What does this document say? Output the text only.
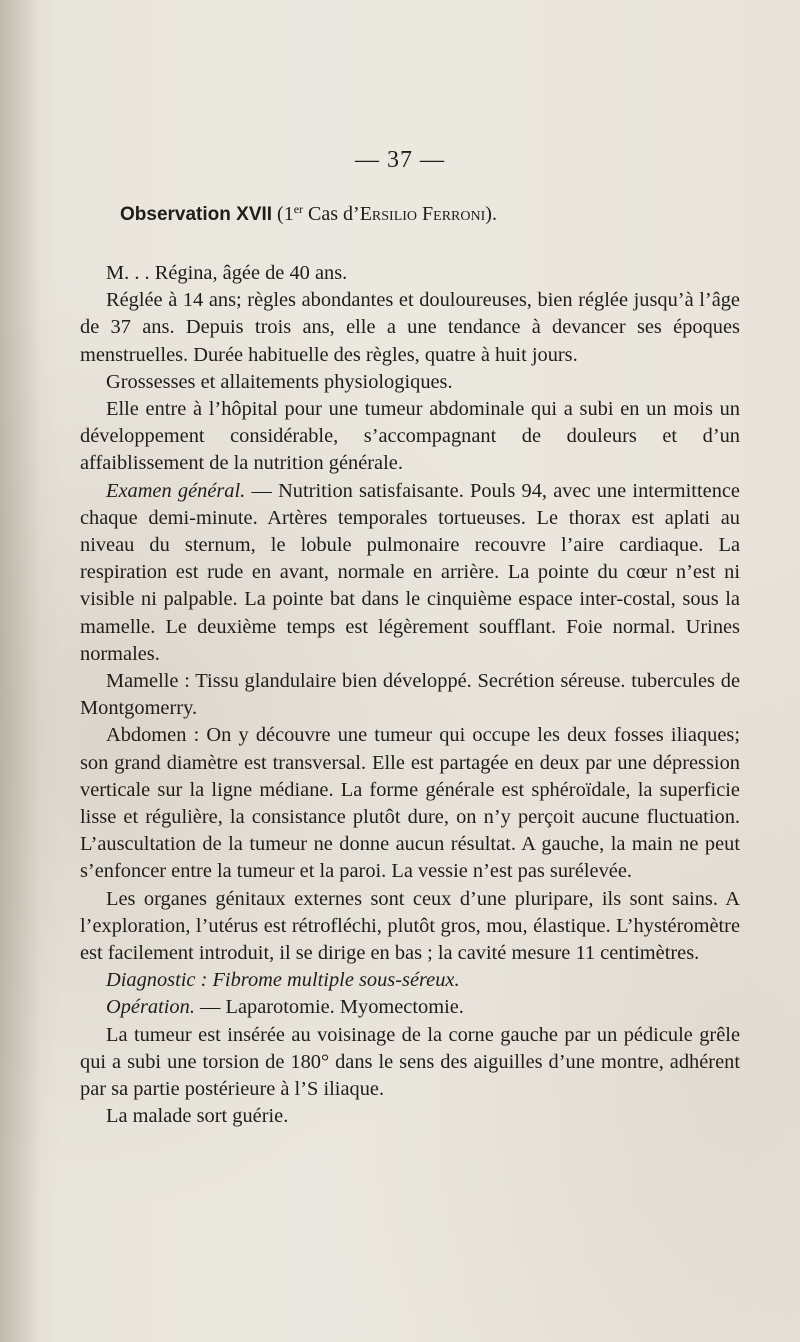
— 37 —
Observation XVII (1er Cas d’Ersilio Ferroni).

M. . . Régina, âgée de 40 ans.

Réglée à 14 ans; règles abondantes et douloureuses, bien réglée jusqu’à l’âge de 37 ans. Depuis trois ans, elle a une tendance à devancer ses époques menstruelles. Durée habituelle des règles, quatre à huit jours.

Grossesses et allaitements physiologiques.

Elle entre à l’hôpital pour une tumeur abdominale qui a subi en un mois un développement considérable, s’accompagnant de douleurs et d’un affaiblissement de la nutrition générale.

Examen général. — Nutrition satisfaisante. Pouls 94, avec une intermittence chaque demi-minute. Artères temporales tortueuses. Le thorax est aplati au niveau du sternum, le lobule pulmonaire recouvre l’aire cardiaque. La respiration est rude en avant, normale en arrière. La pointe du cœur n’est ni visible ni palpable. La pointe bat dans le cinquième espace inter-costal, sous la mamelle. Le deuxième temps est légèrement soufflant. Foie normal. Urines normales.

Mamelle : Tissu glandulaire bien développé. Secrétion séreuse. tubercules de Montgomerry.

Abdomen : On y découvre une tumeur qui occupe les deux fosses iliaques; son grand diamètre est transversal. Elle est partagée en deux par une dépression verticale sur la ligne médiane. La forme générale est sphéroïdale, la superficie lisse et régulière, la consistance plutôt dure, on n’y perçoit aucune fluctuation. L’auscultation de la tumeur ne donne aucun résultat. A gauche, la main ne peut s’enfoncer entre la tumeur et la paroi. La vessie n’est pas surélevée.

Les organes génitaux externes sont ceux d’une pluripare, ils sont sains. A l’exploration, l’utérus est rétrofléchi, plutôt gros, mou, élastique. L’hystéromètre est facilement introduit, il se dirige en bas ; la cavité mesure 11 centimètres.

Diagnostic : Fibrome multiple sous-séreux.

Opération. — Laparotomie. Myomectomie.

La tumeur est insérée au voisinage de la corne gauche par un pédicule grêle qui a subi une torsion de 180° dans le sens des aiguilles d’une montre, adhérent par sa partie postérieure à l’S iliaque.

La malade sort guérie.
